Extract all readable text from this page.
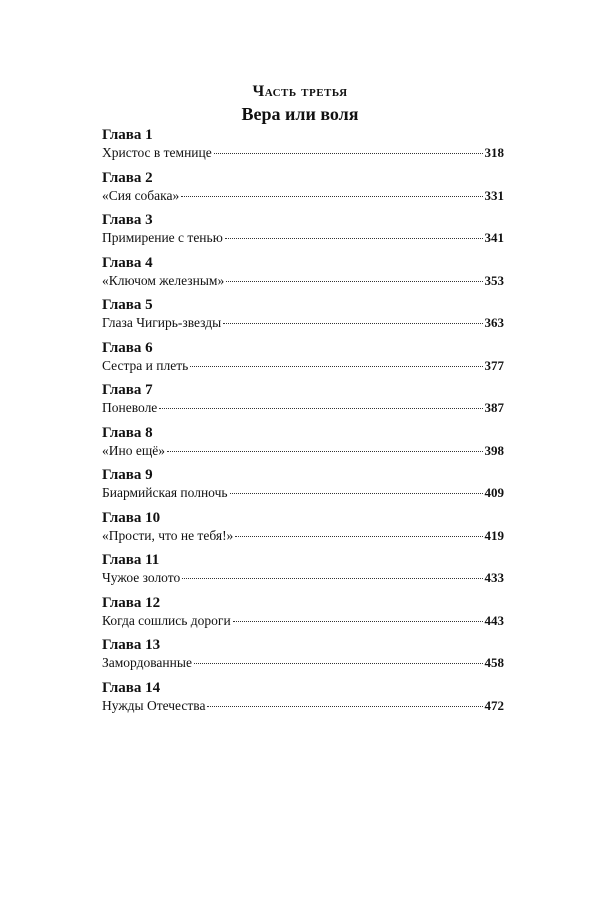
Часть третья
Вера или воля
Глава 1
Христос в темнице	318
Глава 2
«Сия собака»	331
Глава 3
Примирение с тенью	341
Глава 4
«Ключом железным»	353
Глава 5
Глаза Чигирь-звезды	363
Глава 6
Сестра и плеть	377
Глава 7
Поневоле	387
Глава 8
«Ино ещё»	398
Глава 9
Биармийская полночь	409
Глава 10
«Прости, что не тебя!»	419
Глава 11
Чужое золото	433
Глава 12
Когда сошлись дороги	443
Глава 13
Замордованные	458
Глава 14
Нужды Отечества	472
